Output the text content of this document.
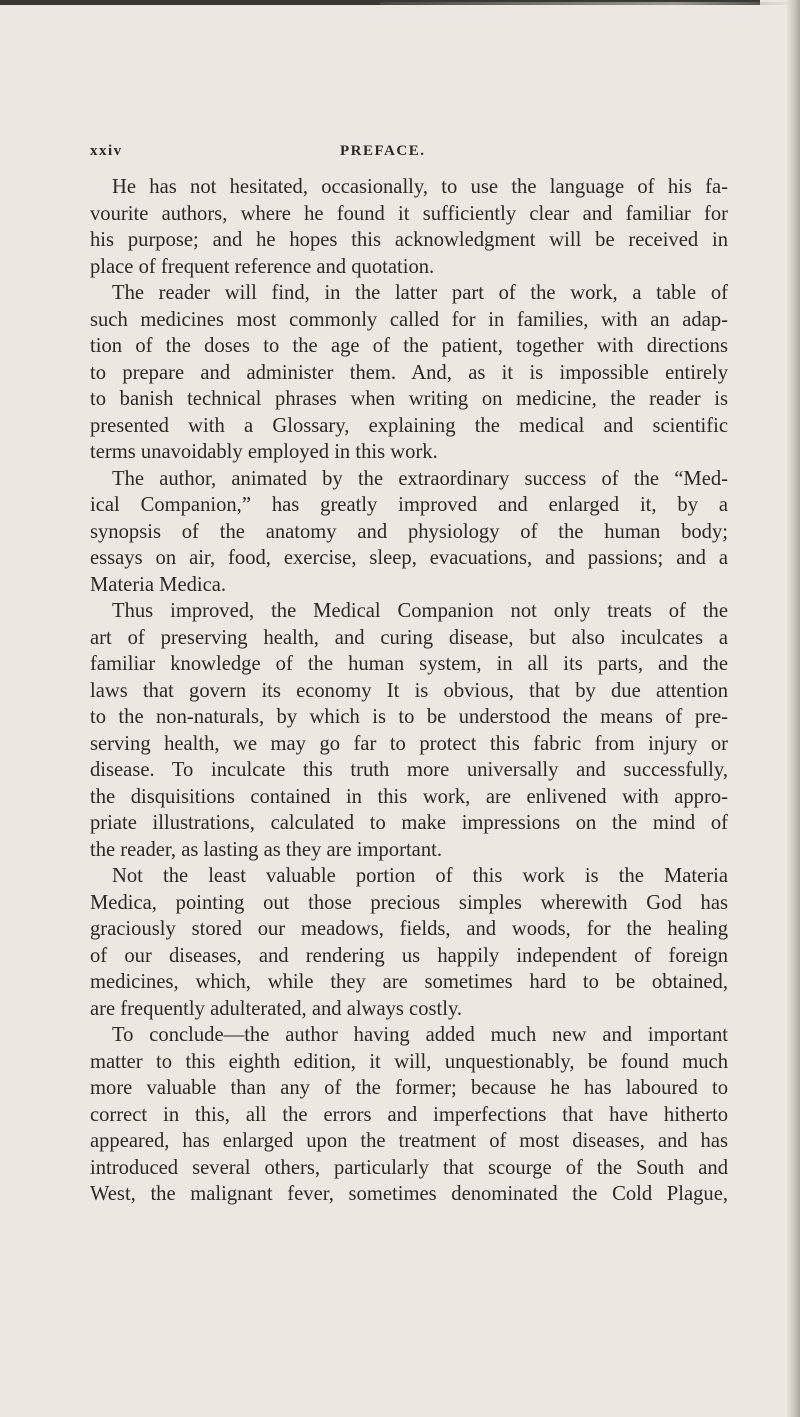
xxiv	PREFACE.
He has not hesitated, occasionally, to use the language of his fa-
vourite authors, where he found it sufficiently clear and familiar for
his purpose; and he hopes this acknowledgment will be received in
place of frequent reference and quotation.
The reader will find, in the latter part of the work, a table of
such medicines most commonly called for in families, with an adap-
tion of the doses to the age of the patient, together with directions
to prepare and administer them. And, as it is impossible entirely
to banish technical phrases when writing on medicine, the reader is
presented with a Glossary, explaining the medical and scientific
terms unavoidably employed in this work.
The author, animated by the extraordinary success of the “Med-
ical Companion,” has greatly improved and enlarged it, by a
synopsis of the anatomy and physiology of the human body;
essays on air, food, exercise, sleep, evacuations, and passions; and a
Materia Medica.
Thus improved, the Medical Companion not only treats of the
art of preserving health, and curing disease, but also inculcates a
familiar knowledge of the human system, in all its parts, and the
laws that govern its economy It is obvious, that by due attention
to the non-naturals, by which is to be understood the means of pre-
serving health, we may go far to protect this fabric from injury or
disease. To inculcate this truth more universally and successfully,
the disquisitions contained in this work, are enlivened with appro-
priate illustrations, calculated to make impressions on the mind of
the reader, as lasting as they are important.
Not the least valuable portion of this work is the Materia
Medica, pointing out those precious simples wherewith God has
graciously stored our meadows, fields, and woods, for the healing
of our diseases, and rendering us happily independent of foreign
medicines, which, while they are sometimes hard to be obtained,
are frequently adulterated, and always costly.
To conclude—the author having added much new and important
matter to this eighth edition, it will, unquestionably, be found much
more valuable than any of the former; because he has laboured to
correct in this, all the errors and imperfections that have hitherto
appeared, has enlarged upon the treatment of most diseases, and has
introduced several others, particularly that scourge of the South and
West, the malignant fever, sometimes denominated the Cold Plague,
